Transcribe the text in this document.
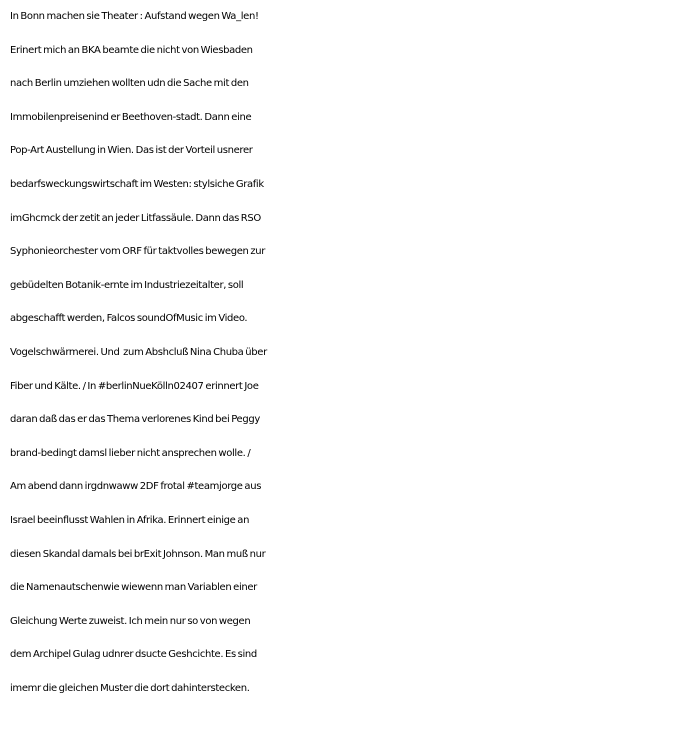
In Bonn machen sie Theater : Aufstand wegen Wa_len!
Erinert mich an BKA beamte die nicht von Wiesbaden
nach Berlin umziehen wollten udn die Sache mit den
Immobilenpreisenind er Beethoven-stadt. Dann eine
Pop-Art Austellung in Wien. Das ist der Vorteil usnerer
bedarfsweckungswirtschaft im Westen: stylsiche Grafik
imGhcmck der zetit an jeder Litfassäule. Dann das RSO
Syphonieorchester vom ORF für taktvolles bewegen zur
gebüdelten Botanik-ernte im Industriezeitalter, soll
abgeschafft werden, Falcos soundOfMusic im Video.
Vogelschwärmerei. Und  zum Abshcluß Nina Chuba über
Fiber und Kälte. / In #berlinNueKölln02407 erinnert Joe
daran daß das er das Thema verlorenes Kind bei Peggy
brand-bedingt damsl lieber nicht ansprechen wolle. /
Am abend dann irgdnwaww 2DF frotal #teamjorge aus
Israel beeinflusst Wahlen in Afrika. Erinnert einige an
diesen Skandal damals bei brExit Johnson. Man muß nur
die Namenautschenwie wiewenn man Variablen einer
Gleichung Werte zuweist. Ich mein nur so von wegen
dem Archipel Gulag udnrer dsucte Geshcichte. Es sind
imemr die gleichen Muster die dort dahinterstecken.
